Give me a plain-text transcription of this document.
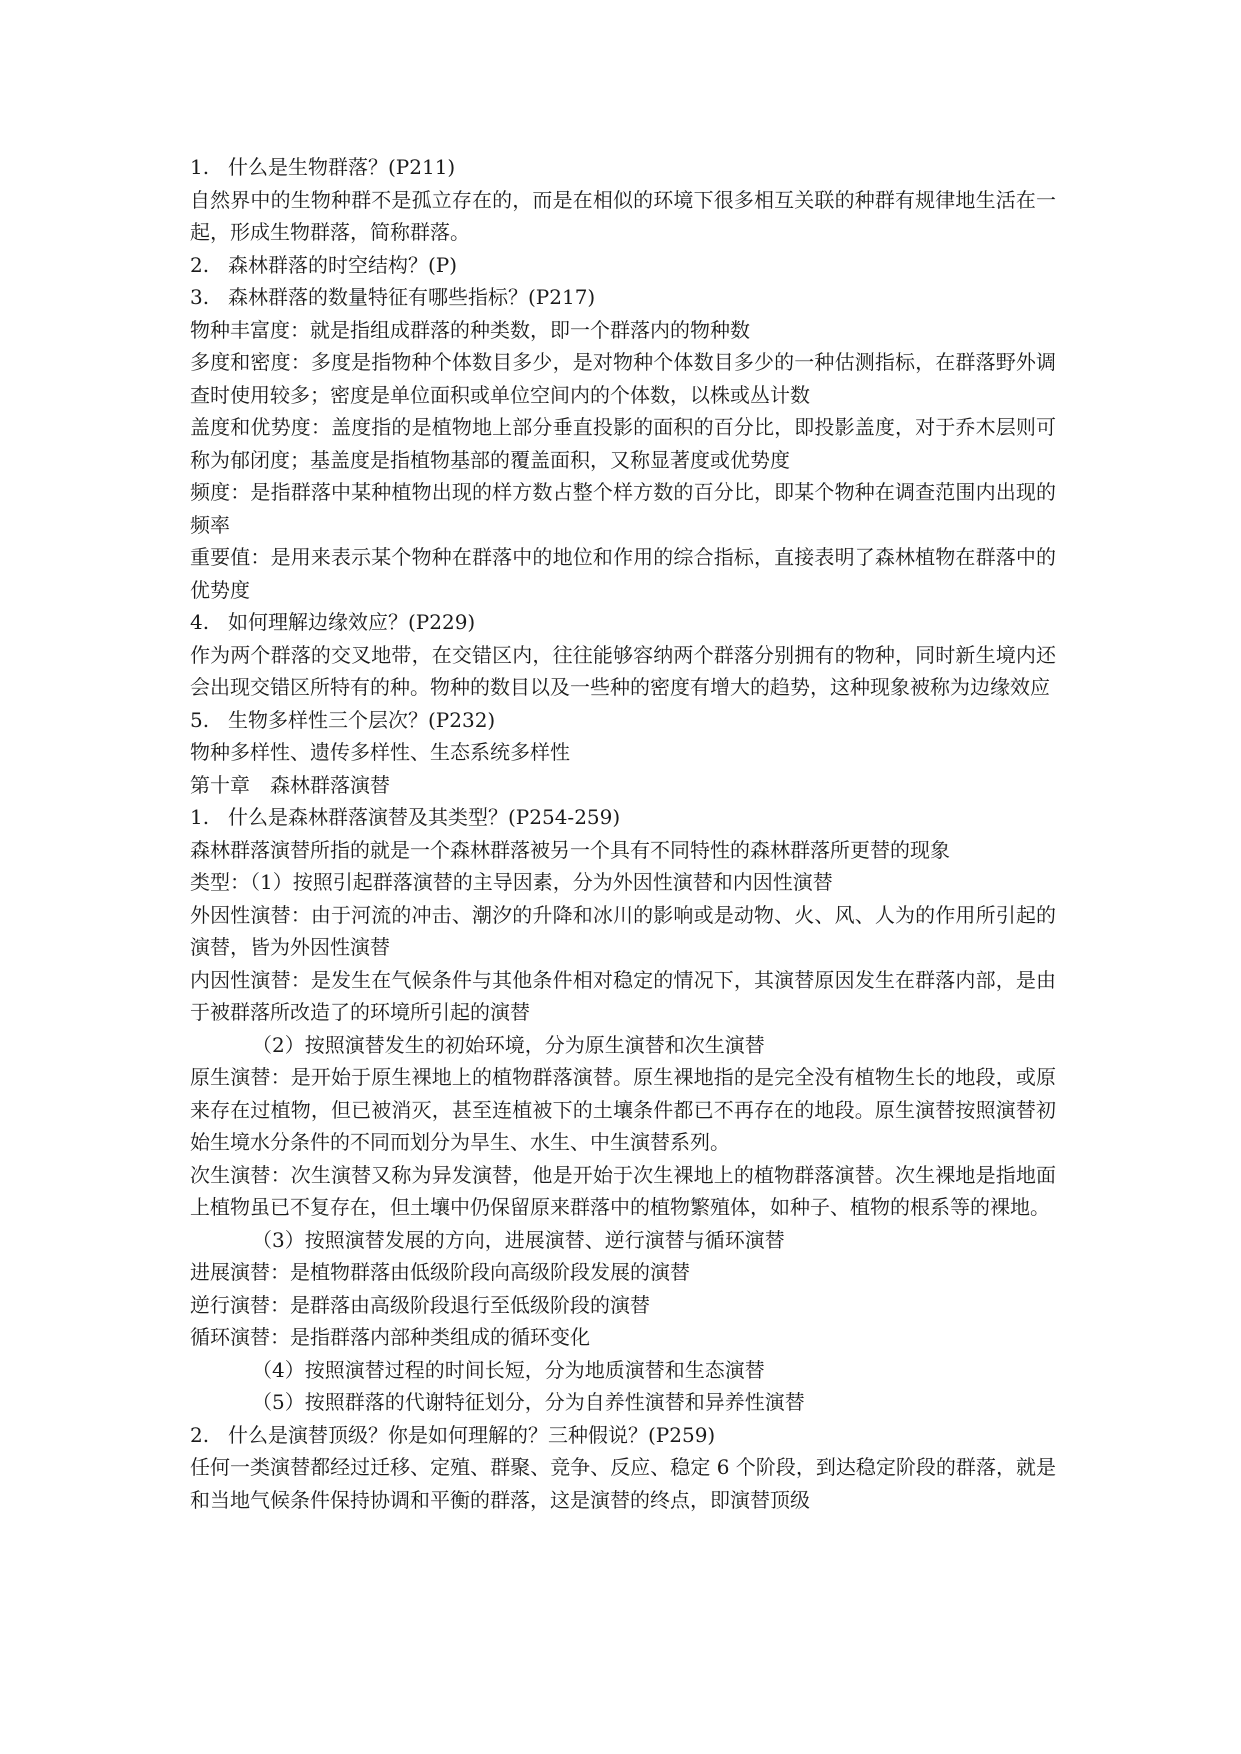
1. 什么是生物群落？(P211)
自然界中的生物种群不是孤立存在的，而是在相似的环境下很多相互关联的种群有规律地生活在一起，形成生物群落，简称群落。
2. 森林群落的时空结构？(P)
3. 森林群落的数量特征有哪些指标？(P217)
物种丰富度：就是指组成群落的种类数，即一个群落内的物种数
多度和密度：多度是指物种个体数目多少，是对物种个体数目多少的一种估测指标，在群落野外调查时使用较多；密度是单位面积或单位空间内的个体数，以株或丛计数
盖度和优势度：盖度指的是植物地上部分垂直投影的面积的百分比，即投影盖度，对于乔木层则可称为郁闭度；基盖度是指植物基部的覆盖面积，又称显著度或优势度
频度：是指群落中某种植物出现的样方数占整个样方数的百分比，即某个物种在调查范围内出现的频率
重要值：是用来表示某个物种在群落中的地位和作用的综合指标，直接表明了森林植物在群落中的优势度
4. 如何理解边缘效应？(P229)
作为两个群落的交叉地带，在交错区内，往往能够容纳两个群落分别拥有的物种，同时新生境内还会出现交错区所特有的种。物种的数目以及一些种的密度有增大的趋势，这种现象被称为边缘效应
5. 生物多样性三个层次？(P232)
物种多样性、遗传多样性、生态系统多样性
第十章　森林群落演替
1. 什么是森林群落演替及其类型？(P254-259)
森林群落演替所指的就是一个森林群落被另一个具有不同特性的森林群落所更替的现象
类型：（1）按照引起群落演替的主导因素，分为外因性演替和内因性演替
外因性演替：由于河流的冲击、潮汐的升降和冰川的影响或是动物、火、风、人为的作用所引起的演替，皆为外因性演替
内因性演替：是发生在气候条件与其他条件相对稳定的情况下，其演替原因发生在群落内部，是由于被群落所改造了的环境所引起的演替
（2）按照演替发生的初始环境，分为原生演替和次生演替
原生演替：是开始于原生裸地上的植物群落演替。原生裸地指的是完全没有植物生长的地段，或原来存在过植物，但已被消灭，甚至连植被下的土壤条件都已不再存在的地段。原生演替按照演替初始生境水分条件的不同而划分为旱生、水生、中生演替系列。
次生演替：次生演替又称为异发演替，他是开始于次生裸地上的植物群落演替。次生裸地是指地面上植物虽已不复存在，但土壤中仍保留原来群落中的植物繁殖体，如种子、植物的根系等的裸地。
（3）按照演替发展的方向，进展演替、逆行演替与循环演替
进展演替：是植物群落由低级阶段向高级阶段发展的演替
逆行演替：是群落由高级阶段退行至低级阶段的演替
循环演替：是指群落内部种类组成的循环变化
（4）按照演替过程的时间长短，分为地质演替和生态演替
（5）按照群落的代谢特征划分，分为自养性演替和异养性演替
2. 什么是演替顶级？你是如何理解的？三种假说？(P259)
任何一类演替都经过迁移、定殖、群聚、竞争、反应、稳定 6 个阶段，到达稳定阶段的群落，就是和当地气候条件保持协调和平衡的群落，这是演替的终点，即演替顶级
